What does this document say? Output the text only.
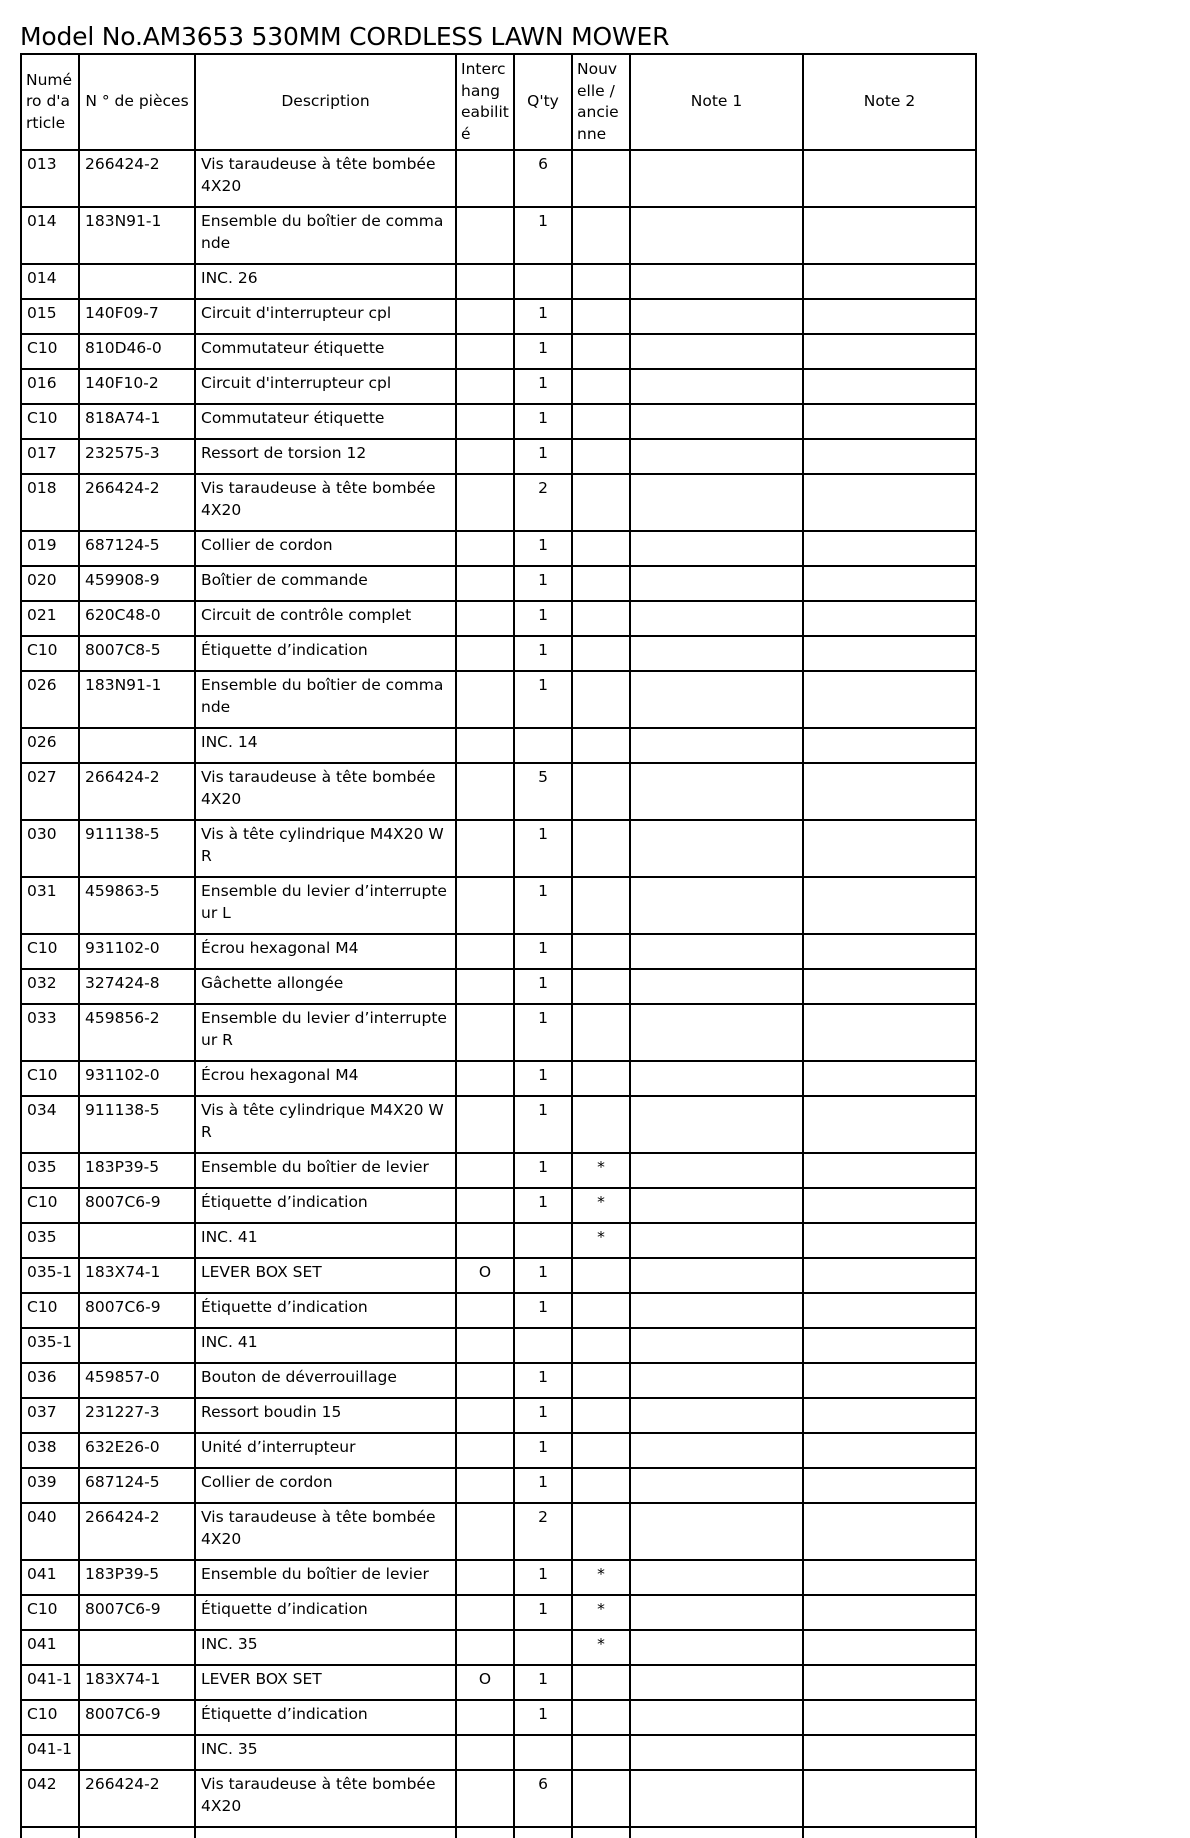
Model No.AM3653 530MM CORDLESS LAWN MOWER
Numéro d'article	N ° de pièces	Description	Interchangeabilité	Q'ty	Nouvelle / ancienne	Note 1	Note 2
013	266424-2	Vis taraudeuse à tête bombée 4X20		6			
014	183N91-1	Ensemble du boîtier de commande		1			
014		INC. 26					
015	140F09-7	Circuit d'interrupteur cpl		1			
C10	810D46-0	Commutateur étiquette		1			
016	140F10-2	Circuit d'interrupteur cpl		1			
C10	818A74-1	Commutateur étiquette		1			
017	232575-3	Ressort de torsion 12		1			
018	266424-2	Vis taraudeuse à tête bombée 4X20		2			
019	687124-5	Collier de cordon		1			
020	459908-9	Boîtier de commande		1			
021	620C48-0	Circuit de contrôle complet		1			
C10	8007C8-5	Étiquette d’indication		1			
026	183N91-1	Ensemble du boîtier de commande		1			
026		INC. 14					
027	266424-2	Vis taraudeuse à tête bombée 4X20		5			
030	911138-5	Vis à tête cylindrique M4X20 WR		1			
031	459863-5	Ensemble du levier d’interrupteur L		1			
C10	931102-0	Écrou hexagonal M4		1			
032	327424-8	Gâchette allongée		1			
033	459856-2	Ensemble du levier d’interrupteur R		1			
C10	931102-0	Écrou hexagonal M4		1			
034	911138-5	Vis à tête cylindrique M4X20 WR		1			
035	183P39-5	Ensemble du boîtier de levier		1	*		
C10	8007C6-9	Étiquette d’indication		1	*		
035		INC. 41			*		
035-1	183X74-1	LEVER BOX SET	O	1			
C10	8007C6-9	Étiquette d’indication		1			
035-1		INC. 41					
036	459857-0	Bouton de déverrouillage		1			
037	231227-3	Ressort boudin 15		1			
038	632E26-0	Unité d’interrupteur		1			
039	687124-5	Collier de cordon		1			
040	266424-2	Vis taraudeuse à tête bombée 4X20		2			
041	183P39-5	Ensemble du boîtier de levier		1	*		
C10	8007C6-9	Étiquette d’indication		1	*		
041		INC. 35			*		
041-1	183X74-1	LEVER BOX SET	O	1			
C10	8007C6-9	Étiquette d’indication		1			
041-1		INC. 35					
042	266424-2	Vis taraudeuse à tête bombée 4X20		6			
